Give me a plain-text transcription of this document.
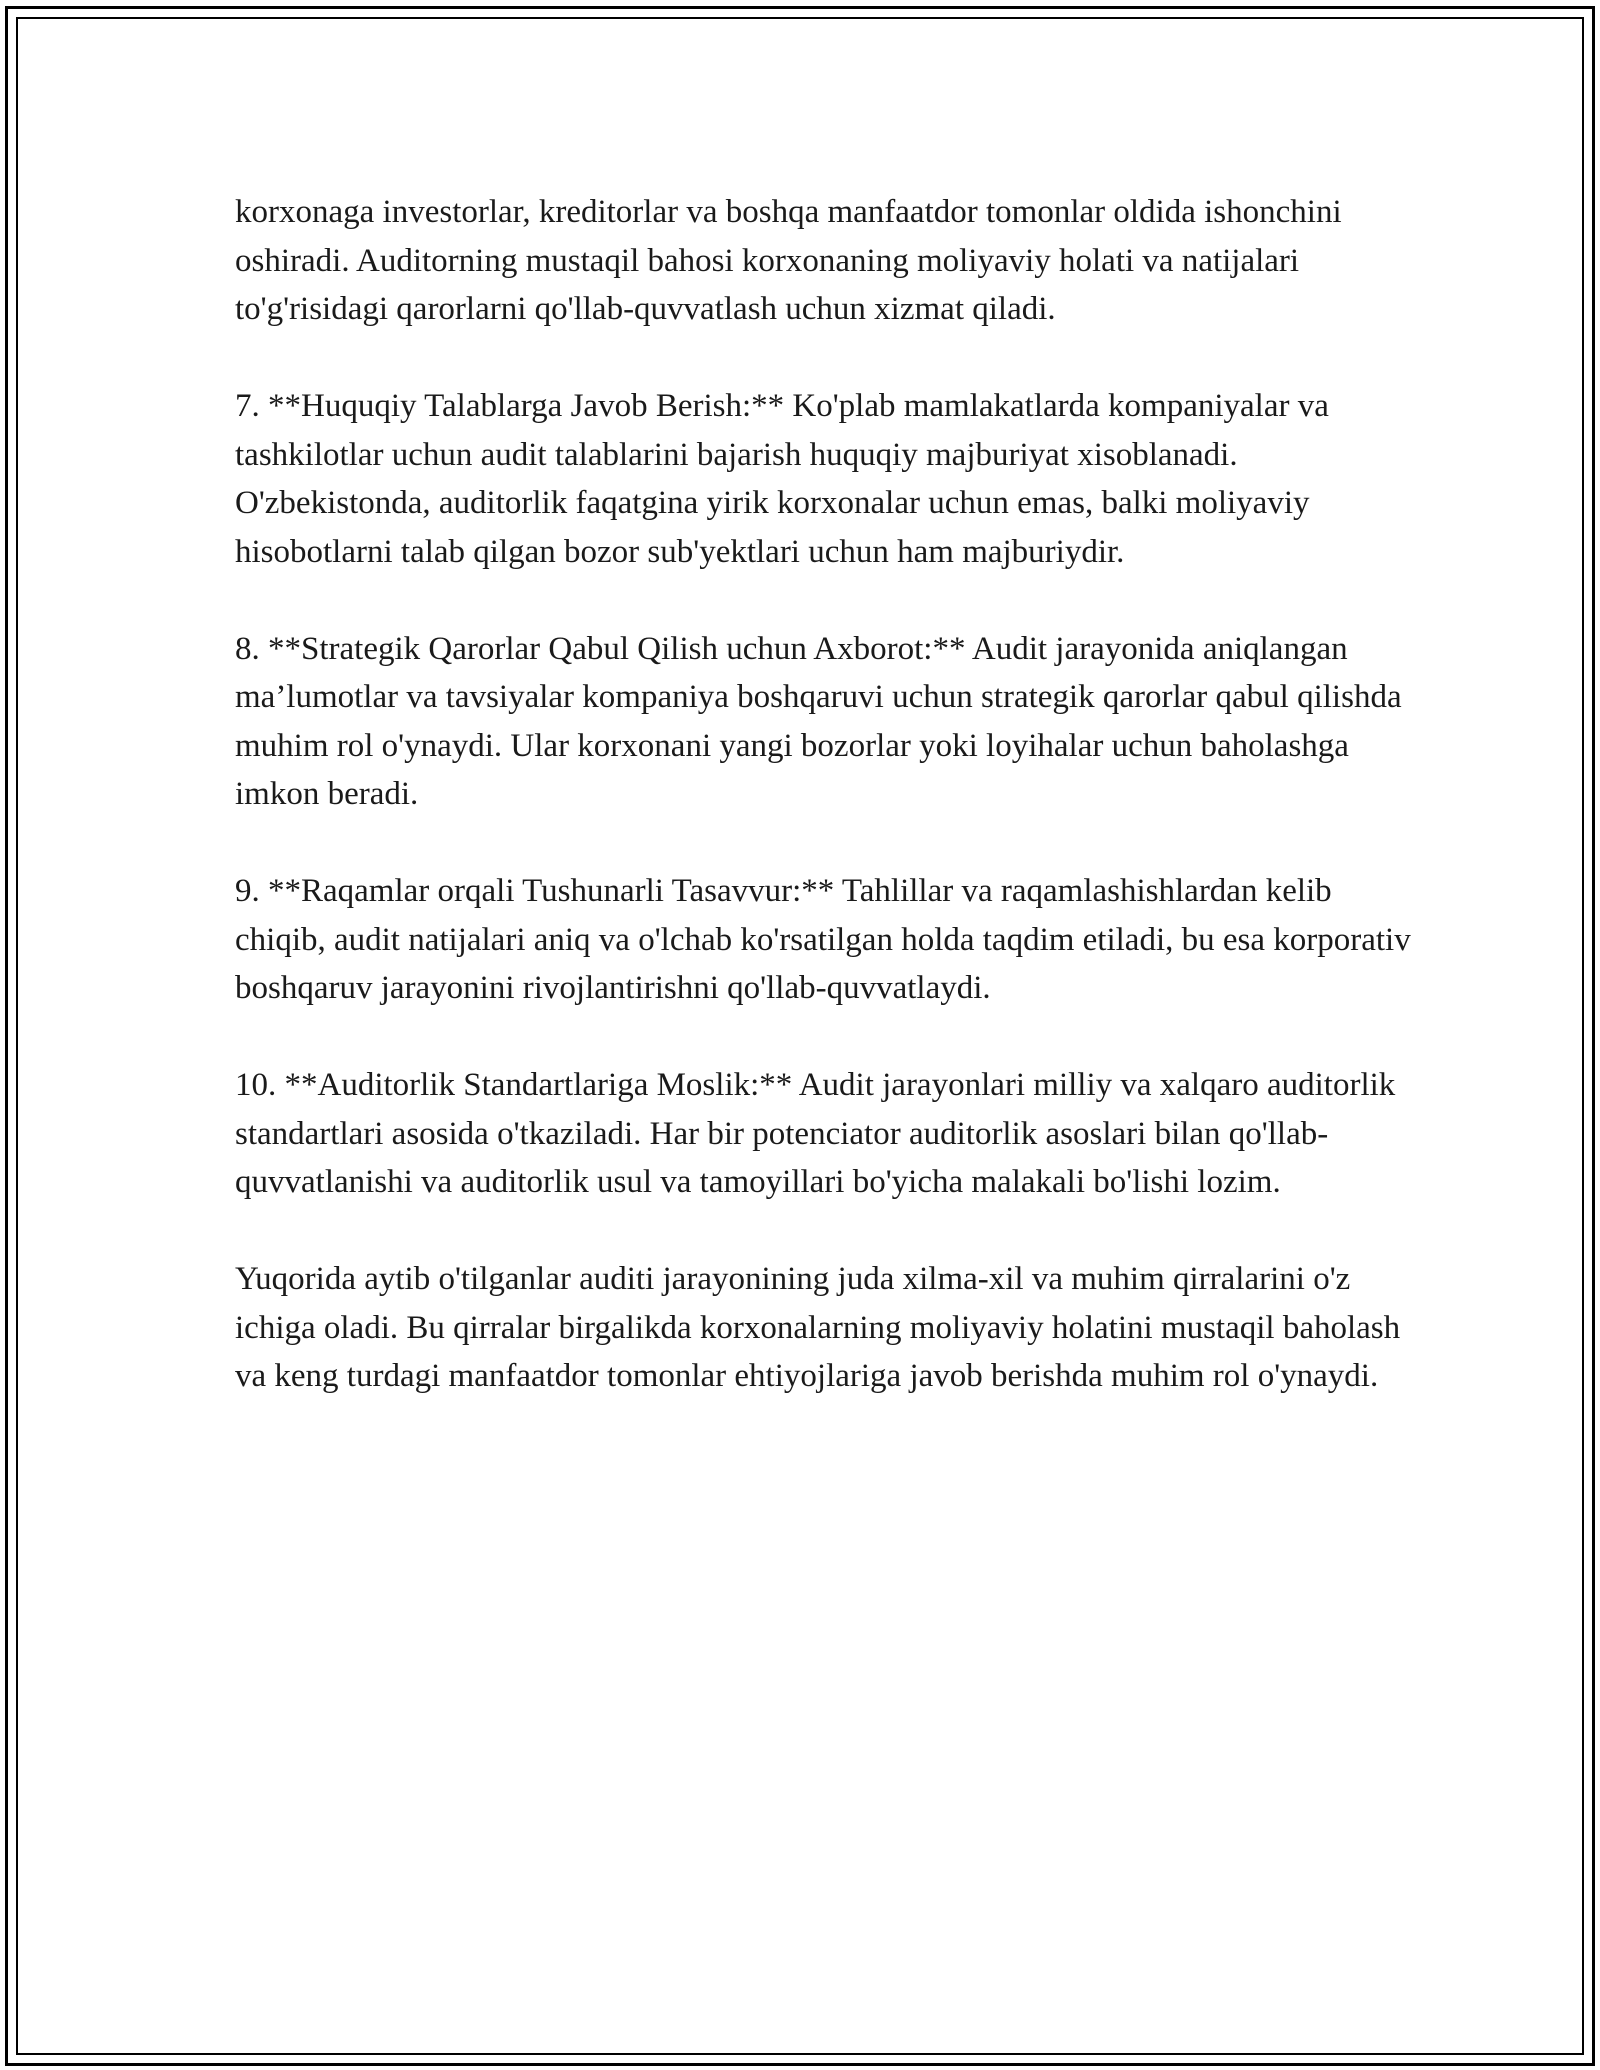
korxonaga investorlar, kreditorlar va boshqa manfaatdor tomonlar oldida ishonchini oshiradi. Auditorning mustaqil bahosi korxonaning moliyaviy holati va natijalari to'g'risidagi qarorlarni qo'llab-quvvatlash uchun xizmat qiladi.

7. **Huquqiy Talablarga Javob Berish:** Ko'plab mamlakatlarda kompaniyalar va tashkilotlar uchun audit talablarini bajarish huquqiy majburiyat xisoblanadi. O'zbekistonda, auditorlik faqatgina yirik korxonalar uchun emas, balki moliyaviy hisobotlarni talab qilgan bozor sub'yektlari uchun ham majburiydir.

8. **Strategik Qarorlar Qabul Qilish uchun Axborot:** Audit jarayonida aniqlangan ma’lumotlar va tavsiyalar kompaniya boshqaruvi uchun strategik qarorlar qabul qilishda muhim rol o'ynaydi. Ular korxonani yangi bozorlar yoki loyihalar uchun baholashga imkon beradi.

9. **Raqamlar orqali Tushunarli Tasavvur:** Tahlillar va raqamlashishlardan kelib chiqib, audit natijalari aniq va o'lchab ko'rsatilgan holda taqdim etiladi, bu esa korporativ boshqaruv jarayonini rivojlantirishni qo'llab-quvvatlaydi.

10. **Auditorlik Standartlariga Moslik:** Audit jarayonlari milliy va xalqaro auditorlik standartlari asosida o'tkaziladi. Har bir potenciator auditorlik asoslari bilan qo'llab-quvvatlanishi va auditorlik usul va tamoyillari bo'yicha malakali bo'lishi lozim.

Yuqorida aytib o'tilganlar auditi jarayonining juda xilma-xil va muhim qirralarini o'z ichiga oladi. Bu qirralar birgalikda korxonalarning moliyaviy holatini mustaqil baholash va keng turdagi manfaatdor tomonlar ehtiyojlariga javob berishda muhim rol o'ynaydi.
